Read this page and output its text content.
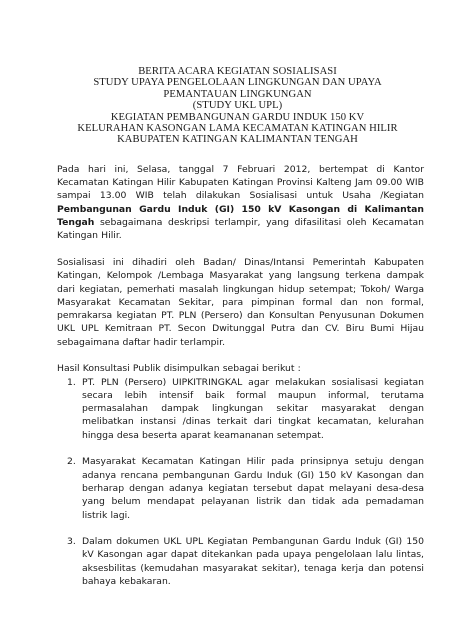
BERITA ACARA KEGIATAN SOSIALISASI
STUDY UPAYA PENGELOLAAN LINGKUNGAN DAN UPAYA
PEMANTAUAN LINGKUNGAN
(STUDY UKL UPL)
KEGIATAN PEMBANGUNAN GARDU INDUK 150 KV
KELURAHAN KASONGAN LAMA KECAMATAN KATINGAN HILIR
KABUPATEN KATINGAN KALIMANTAN TENGAH

Pada hari ini, Selasa, tanggal 7 Februari 2012, bertempat di Kantor Kecamatan Katingan Hilir Kabupaten Katingan Provinsi Kalteng Jam 09.00 WIB sampai 13.00 WIB telah dilakukan Sosialisasi untuk Usaha /Kegiatan Pembangunan Gardu Induk (GI) 150 kV Kasongan di Kalimantan Tengah sebagaimana deskripsi terlampir, yang difasilitasi oleh Kecamatan Katingan Hilir.

Sosialisasi ini dihadiri oleh Badan/ Dinas/Intansi Pemerintah Kabupaten Katingan, Kelompok /Lembaga Masyarakat yang langsung terkena dampak dari kegiatan, pemerhati masalah lingkungan hidup setempat; Tokoh/ Warga Masyarakat Kecamatan Sekitar, para pimpinan formal dan non formal, pemrakarsa kegiatan PT. PLN (Persero) dan Konsultan Penyusunan Dokumen UKL UPL Kemitraan PT. Secon Dwitunggal Putra dan CV. Biru Bumi Hijau sebagaimana daftar hadir terlampir.

Hasil Konsultasi Publik disimpulkan sebagai berikut :

1. PT. PLN (Persero) UIPKITRINGKAL agar melakukan sosialisasi kegiatan secara lebih intensif baik formal maupun informal, terutama permasalahan dampak lingkungan sekitar masyarakat dengan melibatkan instansi /dinas terkait dari tingkat kecamatan, kelurahan hingga desa beserta aparat keamananan setempat.
2. Masyarakat Kecamatan Katingan Hilir pada prinsipnya setuju dengan adanya rencana pembangunan Gardu Induk (GI) 150 kV Kasongan dan berharap dengan adanya kegiatan tersebut dapat melayani desa-desa yang belum mendapat pelayanan listrik dan tidak ada pemadaman listrik lagi.
3. Dalam dokumen UKL UPL Kegiatan Pembangunan Gardu Induk (GI) 150 kV Kasongan agar dapat ditekankan pada upaya pengelolaan lalu lintas, aksesbilitas (kemudahan masyarakat sekitar), tenaga kerja dan potensi bahaya kebakaran.
